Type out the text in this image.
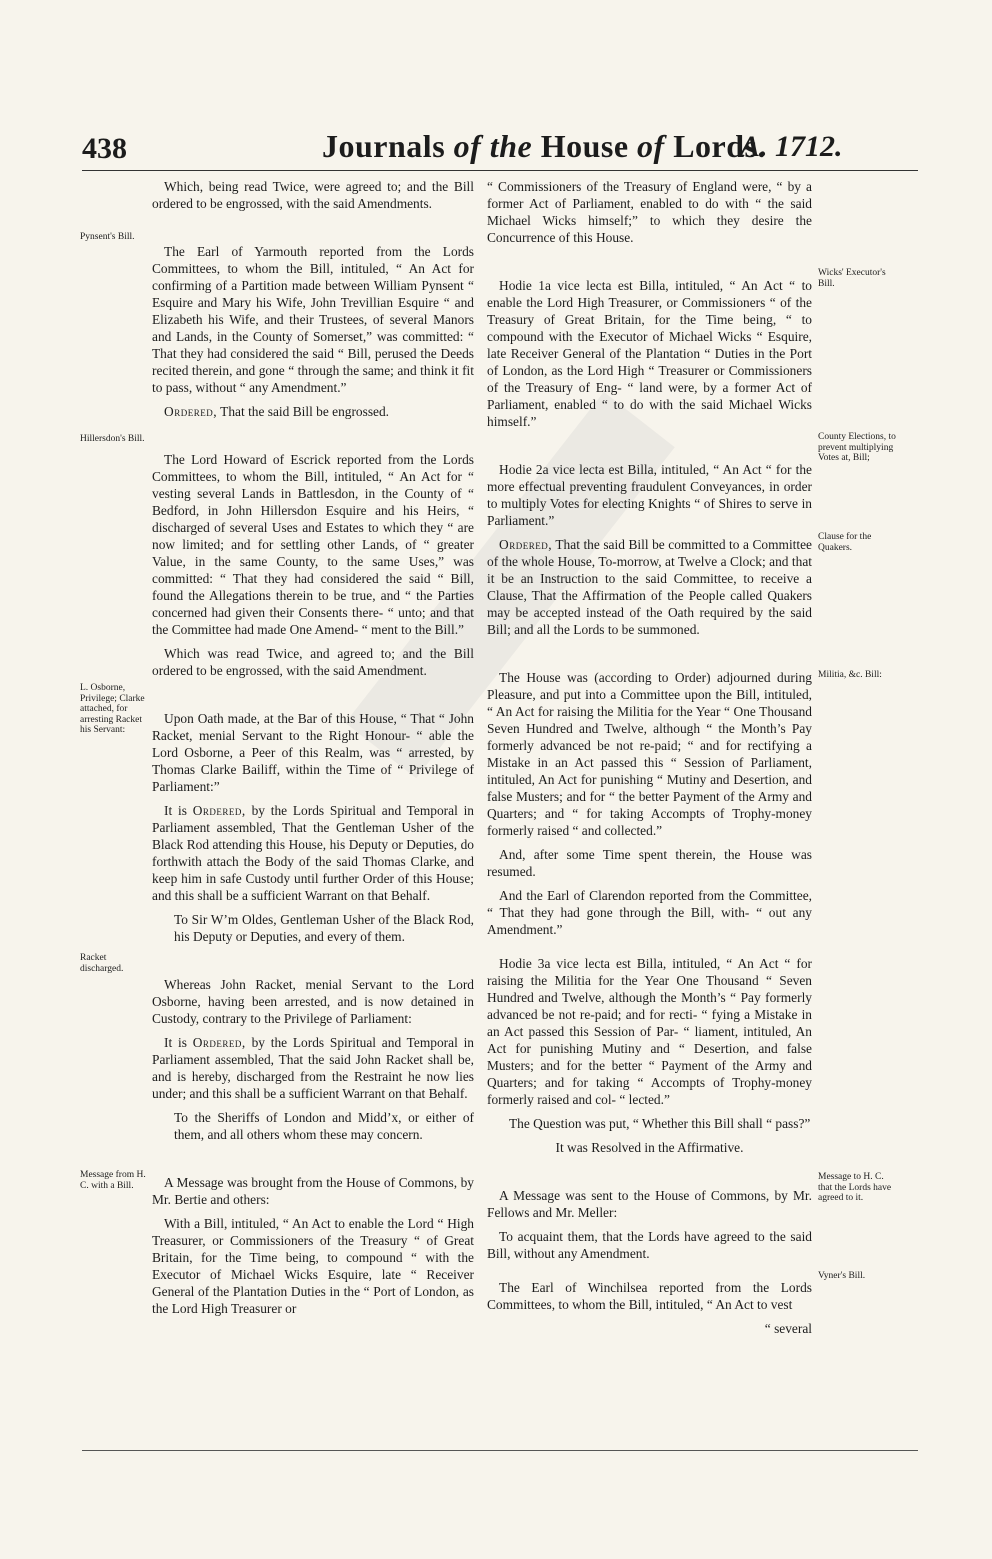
438	Journals of the House of Lords.
A. 1712.
Pynsent's Bill.
Hillersdon's Bill.
L. Osborne, Privilege; Clarke attached, for arresting Racket his Servant:
Racket discharged.
Message from H. C. with a Bill.
Wicks' Executor's Bill.
County Elections, to prevent multiplying Votes at, Bill;
Clause for the Quakers.
Militia, &c. Bill:
Message to H. C. that the Lords have agreed to it.
Vyner's Bill.

Which, being read Twice, were agreed to; and the Bill ordered to be engrossed, with the said Amendments.

The Earl of Yarmouth reported from the Lords Committees, to whom the Bill, intituled, “ An Act for confirming of a Partition made between William Pynsent “ Esquire and Mary his Wife, John Trevillian Esquire “ and Elizabeth his Wife, and their Trustees, of several Manors and Lands, in the County of Somerset,” was committed: “ That they had considered the said “ Bill, perused the Deeds recited therein, and gone “ through the same; and think it fit to pass, without “ any Amendment.”

Ordered, That the said Bill be engrossed.

The Lord Howard of Escrick reported from the Lords Committees, to whom the Bill, intituled, “ An Act for “ vesting several Lands in Battlesdon, in the County of “ Bedford, in John Hillersdon Esquire and his Heirs, “ discharged of several Uses and Estates to which they “ are now limited; and for settling other Lands, of “ greater Value, in the same County, to the same Uses,” was committed: “ That they had considered the said “ Bill, found the Allegations therein to be true, and “ the Parties concerned had given their Consents there- “ unto; and that the Committee had made One Amend- “ ment to the Bill.”

Which was read Twice, and agreed to; and the Bill ordered to be engrossed, with the said Amendment.

Upon Oath made, at the Bar of this House, “ That “ John Racket, menial Servant to the Right Honour- “ able the Lord Osborne, a Peer of this Realm, was “ arrested, by Thomas Clarke Bailiff, within the Time of “ Privilege of Parliament:”

It is Ordered, by the Lords Spiritual and Temporal in Parliament assembled, That the Gentleman Usher of the Black Rod attending this House, his Deputy or Deputies, do forthwith attach the Body of the said Thomas Clarke, and keep him in safe Custody until further Order of this House; and this shall be a sufficient Warrant on that Behalf.

To Sir W’m Oldes, Gentleman Usher of the Black Rod, his Deputy or Deputies, and every of them.

Whereas John Racket, menial Servant to the Lord Osborne, having been arrested, and is now detained in Custody, contrary to the Privilege of Parliament:

It is Ordered, by the Lords Spiritual and Temporal in Parliament assembled, That the said John Racket shall be, and is hereby, discharged from the Restraint he now lies under; and this shall be a sufficient Warrant on that Behalf.

To the Sheriffs of London and Midd’x, or either of them, and all others whom these may concern.

A Message was brought from the House of Commons, by Mr. Bertie and others:

With a Bill, intituled, “ An Act to enable the Lord “ High Treasurer, or Commissioners of the Treasury “ of Great Britain, for the Time being, to compound “ with the Executor of Michael Wicks Esquire, late “ Receiver General of the Plantation Duties in the “ Port of London, as the Lord High Treasurer or

“ Commissioners of the Treasury of England were, “ by a former Act of Parliament, enabled to do with “ the said Michael Wicks himself;” to which they desire the Concurrence of this House.

Hodie 1a vice lecta est Billa, intituled, “ An Act “ to enable the Lord High Treasurer, or Commissioners “ of the Treasury of Great Britain, for the Time being, “ to compound with the Executor of Michael Wicks “ Esquire, late Receiver General of the Plantation “ Duties in the Port of London, as the Lord High “ Treasurer or Commissioners of the Treasury of Eng- “ land were, by a former Act of Parliament, enabled “ to do with the said Michael Wicks himself.”

Hodie 2a vice lecta est Billa, intituled, “ An Act “ for the more effectual preventing fraudulent Conveyances, in order to multiply Votes for electing Knights “ of Shires to serve in Parliament.”

Ordered, That the said Bill be committed to a Committee of the whole House, To-morrow, at Twelve a Clock; and that it be an Instruction to the said Committee, to receive a Clause, That the Affirmation of the People called Quakers may be accepted instead of the Oath required by the said Bill; and all the Lords to be summoned.

The House was (according to Order) adjourned during Pleasure, and put into a Committee upon the Bill, intituled, “ An Act for raising the Militia for the Year “ One Thousand Seven Hundred and Twelve, although “ the Month’s Pay formerly advanced be not re-paid; “ and for rectifying a Mistake in an Act passed this “ Session of Parliament, intituled, An Act for punishing “ Mutiny and Desertion, and false Musters; and for “ the better Payment of the Army and Quarters; and “ for taking Accompts of Trophy-money formerly raised “ and collected.”

And, after some Time spent therein, the House was resumed.

And the Earl of Clarendon reported from the Committee, “ That they had gone through the Bill, with- “ out any Amendment.”

Hodie 3a vice lecta est Billa, intituled, “ An Act “ for raising the Militia for the Year One Thousand “ Seven Hundred and Twelve, although the Month’s “ Pay formerly advanced be not re-paid; and for recti- “ fying a Mistake in an Act passed this Session of Par- “ liament, intituled, An Act for punishing Mutiny and “ Desertion, and false Musters; and for the better “ Payment of the Army and Quarters; and for taking “ Accompts of Trophy-money formerly raised and col- “ lected.”

The Question was put, “ Whether this Bill shall “ pass?”

It was Resolved in the Affirmative.

A Message was sent to the House of Commons, by Mr. Fellows and Mr. Meller:

To acquaint them, that the Lords have agreed to the said Bill, without any Amendment.

The Earl of Winchilsea reported from the Lords Committees, to whom the Bill, intituled, “ An Act to vest

“ several
